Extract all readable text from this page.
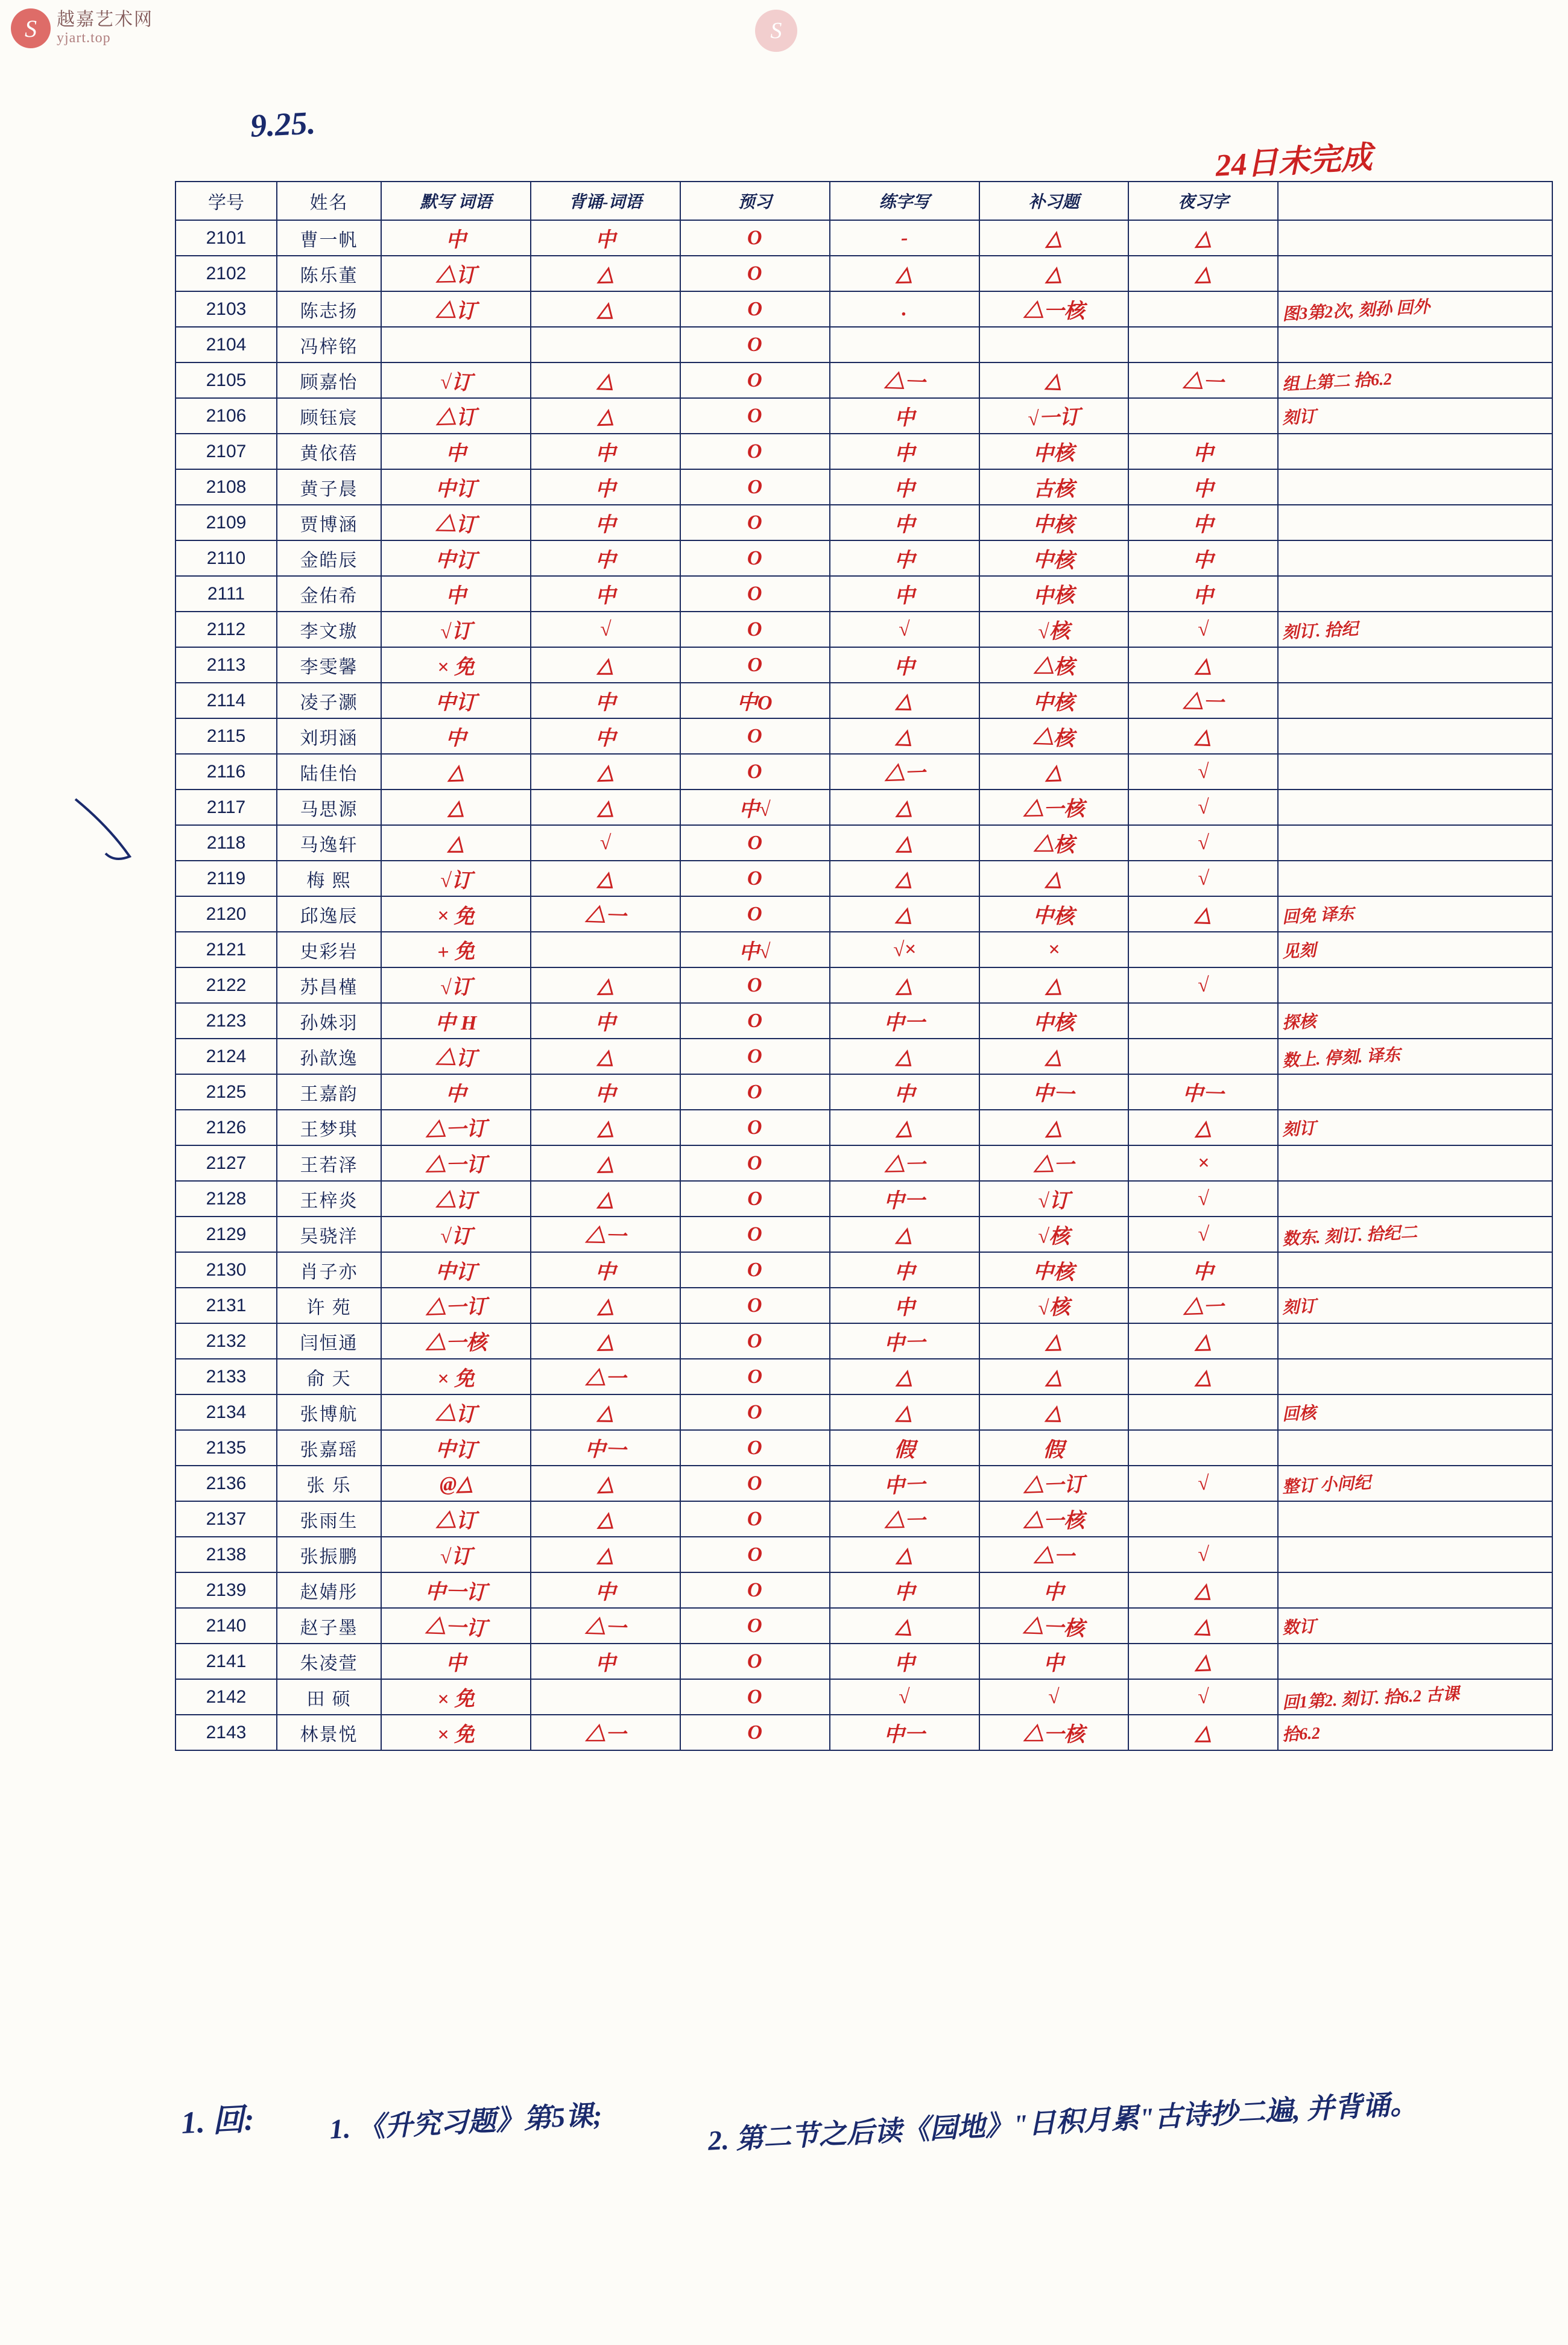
S	越嘉艺术网
yjart.top	S
9.25.
24日未完成
学号	姓名	默写 词语	背诵-词语	预习	练字写	补习题	夜习字	
2101	曹一帆	中	中	O	-	△	△	
2102	陈乐董	△订	△	O	△	△	△	
2103	陈志扬	△订	△	O	.	△一核		图3第2次, 刻孙 回外
2104	冯梓铭			O				
2105	顾嘉怡	√订	△	O	△一	△	△一	组上第二 拾6.2
2106	顾钰宸	△订	△	O	中	√一订		刻订
2107	黄依蓓	中	中	O	中	中核	中	
2108	黄子晨	中订	中	O	中	古核	中	
2109	贾博涵	△订	中	O	中	中核	中	
2110	金皓辰	中订	中	O	中	中核	中	
2111	金佑希	中	中	O	中	中核	中	
2112	李文璈	√订	√	O	√	√核	√	刻订. 拾纪
2113	李雯馨	× 免	△	O	中	△核	△	
2114	凌子灏	中订	中	中O	△	中核	△一	
2115	刘玥涵	中	中	O	△	△核	△	
2116	陆佳怡	△	△	O	△一	△	√	
2117	马思源	△	△	中√	△	△一核	√	
2118	马逸轩	△	√	O	△	△核	√	
2119	梅 熙	√订	△	O	△	△	√	
2120	邱逸辰	× 免	△一	O	△	中核	△	回免 译东
2121	史彩岩	+ 免		中√	√×	×		见刻
2122	苏昌槿	√订	△	O	△	△	√	
2123	孙姝羽	中 H	中	O	中一	中核		探核
2124	孙歆逸	△订	△	O	△	△		数上. 停刻. 译东
2125	王嘉韵	中	中	O	中	中一	中一	
2126	王梦琪	△一订	△	O	△	△	△	刻订
2127	王若泽	△一订	△	O	△一	△一	×	
2128	王梓炎	△订	△	O	中一	√订	√	
2129	吴骁洋	√订	△一	O	△	√核	√	数东. 刻订. 拾纪二
2130	肖子亦	中订	中	O	中	中核	中	
2131	许 苑	△一订	△	O	中	√核	△一	刻订
2132	闫恒通	△一核	△	O	中一	△	△	
2133	俞 天	× 免	△一	O	△	△	△	
2134	张博航	△订	△	O	△	△		回核
2135	张嘉瑶	中订	中一	O	假	假		
2136	张 乐	@△	△	O	中一	△一订	√	整订 小问纪
2137	张雨生	△订	△	O	△一	△一核		
2138	张振鹏	√订	△	O	△	△一	√	
2139	赵婧彤	中一订	中	O	中	中	△	
2140	赵子墨	△一订	△一	O	△	△一核	△	数订
2141	朱凌萱	中	中	O	中	中	△	
2142	田 硕	× 免		O	√	√	√	回1第2. 刻订. 拾6.2 古课
2143	林景悦	× 免	△一	O	中一	△一核	△	拾6.2
1. 回:	1. 《升究习题》第5课;	2. 第二节之后读《园地》"日积月累"古诗抄二遍, 并背诵。
